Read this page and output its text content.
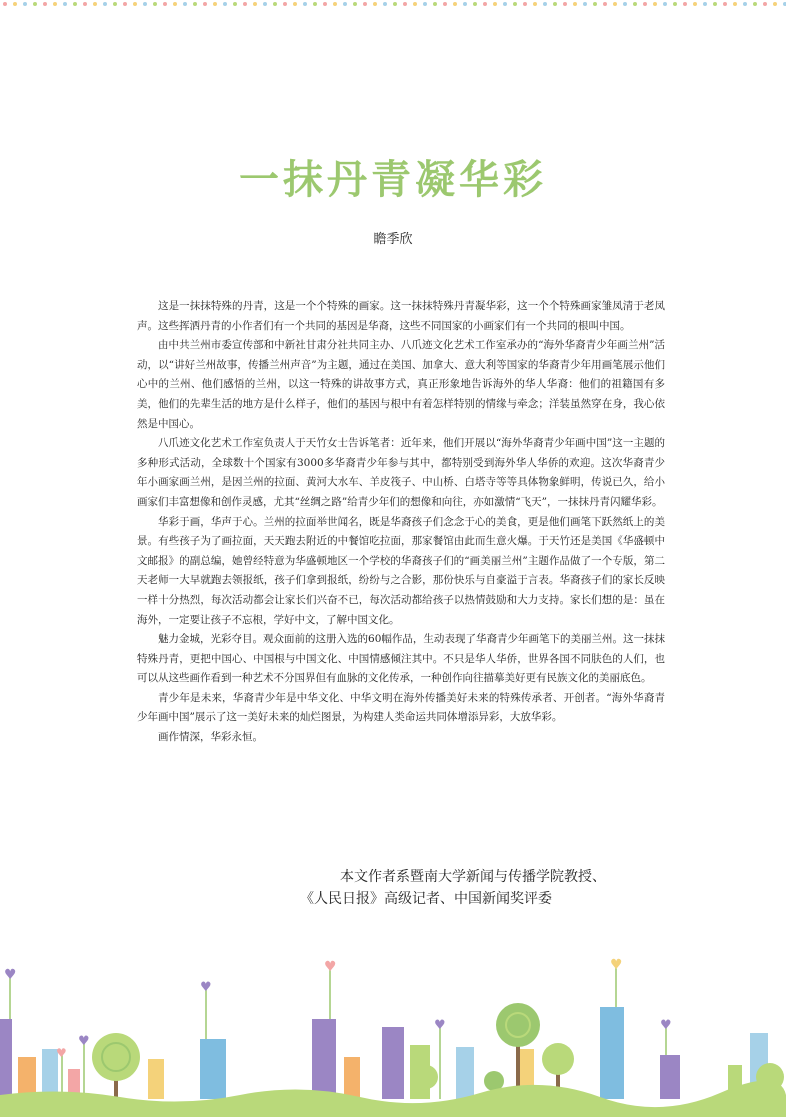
一抹丹青凝华彩
瞻季欣

这是一抹抹特殊的丹青，这是一个个特殊的画家。这一抹抹特殊丹青凝华彩，这一个个特殊画家雏凤清于老凤声。这些挥洒丹青的小作者们有一个共同的基因是华裔，这些不同国家的小画家们有一个共同的根叫中国。

由中共兰州市委宣传部和中新社甘肃分社共同主办、八爪迹文化艺术工作室承办的“海外华裔青少年画兰州”活动，以“讲好兰州故事，传播兰州声音”为主题，通过在美国、加拿大、意大利等国家的华裔青少年用画笔展示他们心中的兰州、他们感悟的兰州，以这一特殊的讲故事方式，真正形象地告诉海外的华人华裔：他们的祖籍国有多美，他们的先辈生活的地方是什么样子，他们的基因与根中有着怎样特别的情缘与牵念；洋装虽然穿在身，我心依然是中国心。

八爪迹文化艺术工作室负责人于天竹女士告诉笔者：近年来，他们开展以“海外华裔青少年画中国”这一主题的多种形式活动，全球数十个国家有3000多华裔青少年参与其中，都特别受到海外华人华侨的欢迎。这次华裔青少年小画家画兰州，是因兰州的拉面、黄河大水车、羊皮筏子、中山桥、白塔寺等等具体物象鲜明，传说已久，给小画家们丰富想像和创作灵感，尤其“丝绸之路”给青少年们的想像和向往，亦如激情“飞天”，一抹抹丹青闪耀华彩。

华彩于画，华声于心。兰州的拉面举世闻名，既是华裔孩子们念念于心的美食，更是他们画笔下跃然纸上的美景。有些孩子为了画拉面，天天跑去附近的中餐馆吃拉面，那家餐馆由此而生意火爆。于天竹还是美国《华盛顿中文邮报》的副总编，她曾经特意为华盛顿地区一个学校的华裔孩子们的“画美丽兰州”主题作品做了一个专版，第二天老师一大早就跑去领报纸，孩子们拿到报纸，纷纷与之合影，那份快乐与自豪溢于言表。华裔孩子们的家长反映一样十分热烈，每次活动都会让家长们兴奋不已，每次活动都给孩子以热情鼓励和大力支持。家长们想的是：虽在海外，一定要让孩子不忘根，学好中文，了解中国文化。

魅力金城，光彩夺目。观众面前的这册入选的60幅作品，生动表现了华裔青少年画笔下的美丽兰州。这一抹抹特殊丹青，更把中国心、中国根与中国文化、中国情感倾注其中。不只是华人华侨，世界各国不同肤色的人们，也可以从这些画作看到一种艺术不分国界但有血脉的文化传承，一种创作向往描摹美好更有民族文化的美丽底色。

青少年是未来，华裔青少年是中华文化、中华文明在海外传播美好未来的特殊传承者、开创者。“海外华裔青少年画中国”展示了这一美好未来的灿烂图景，为构建人类命运共同体增添异彩，大放华彩。

画作情深，华彩永恒。

本文作者系暨南大学新闻与传播学院教授、
《人民日报》高级记者、中国新闻奖评委
♥
♥
♥
♥
♥
♥
♥
♥
